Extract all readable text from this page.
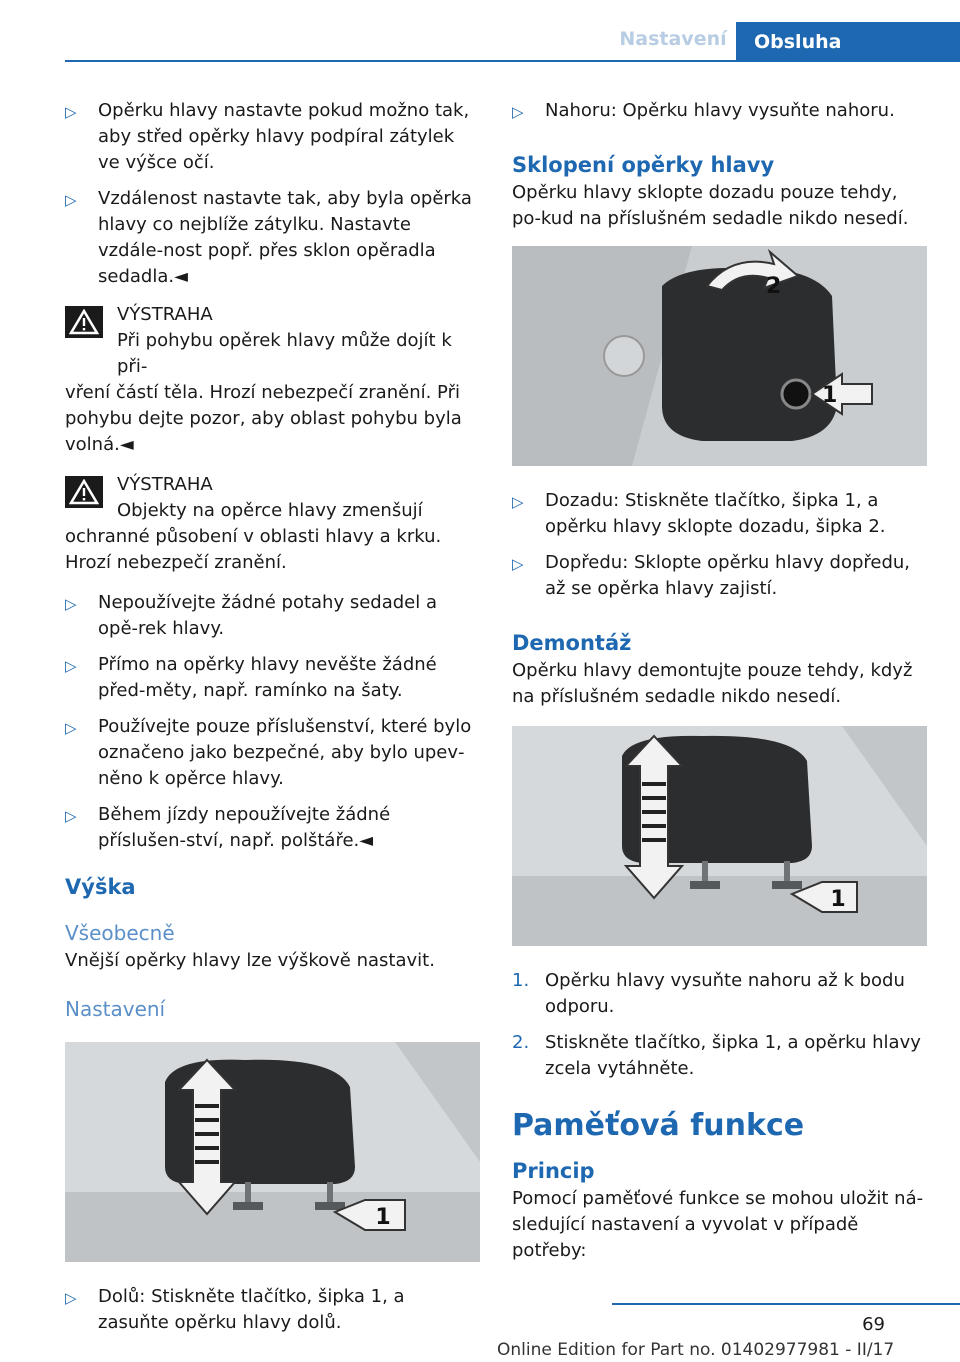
Nastavení	Obsluha
▷ Opěrku hlavy nastavte pokud možno tak, aby střed opěrky hlavy podpíral zátylek ve výšce očí.
▷ Vzdálenost nastavte tak, aby byla opěrka hlavy co nejblíže zátylku. Nastavte vzdále‐nost popř. přes sklon opěradla sedadla.◄
VÝSTRAHA
Při pohybu opěrek hlavy může dojít k při‐
vření částí těla. Hrozí nebezpečí zranění. Při pohybu dejte pozor, aby oblast pohybu byla volná.◄
VÝSTRAHA
Objekty na opěrce hlavy zmenšují
ochranné působení v oblasti hlavy a krku. Hrozí nebezpečí zranění.
▷ Nepoužívejte žádné potahy sedadel a opě‐rek hlavy.
▷ Přímo na opěrky hlavy nevěšte žádné před‐měty, např. ramínko na šaty.
▷ Používejte pouze příslušenství, které bylo označeno jako bezpečné, aby bylo upev‐něno k opěrce hlavy.
▷ Během jízdy nepoužívejte žádné příslušen‐ství, např. polštáře.◄
Výška
Všeobecně

Vnější opěrky hlavy lze výškově nastavit.

Nastavení
1
▷ Dolů: Stiskněte tlačítko, šipka 1, a zasuňte opěrku hlavy dolů.
▷ Nahoru: Opěrku hlavy vysuňte nahoru.
Sklopení opěrky hlavy

Opěrku hlavy sklopte dozadu pouze tehdy, po‐kud na příslušném sedadle nikdo nesedí.

2
1
▷ Dozadu: Stiskněte tlačítko, šipka 1, a opěrku hlavy sklopte dozadu, šipka 2.
▷ Dopředu: Sklopte opěrku hlavy dopředu, až se opěrka hlavy zajistí.
Demontáž

Opěrku hlavy demontujte pouze tehdy, když na příslušném sedadle nikdo nesedí.

1
1. Opěrku hlavy vysuňte nahoru až k bodu odporu.
2. Stiskněte tlačítko, šipka 1, a opěrku hlavy zcela vytáhněte.
Paměťová funkce
Princip

Pomocí paměťové funkce se mohou uložit ná‐sledující nastavení a vyvolat v případě potřeby:

69
Online Edition for Part no. 01402977981 - II/17
